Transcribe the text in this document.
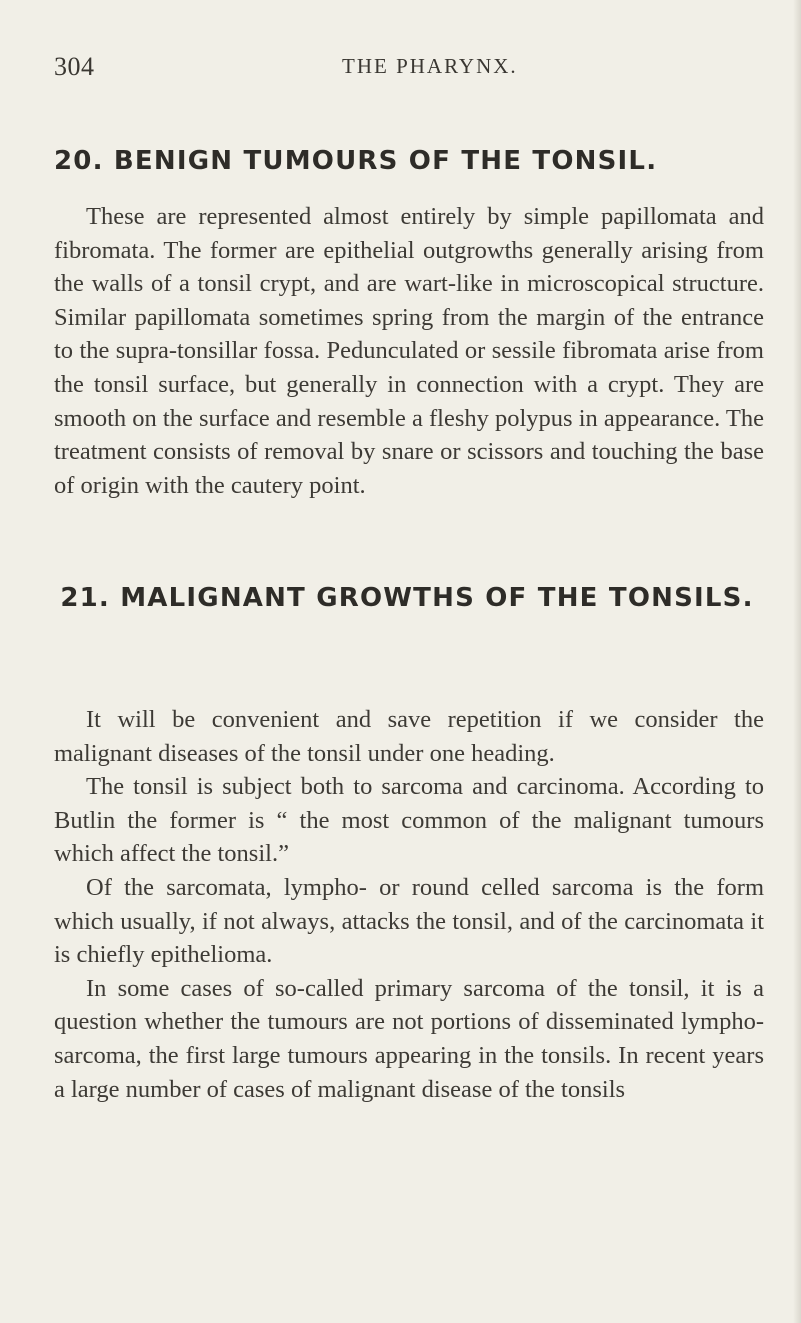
304	THE PHARYNX.
20. BENIGN TUMOURS OF THE TONSIL.

These are represented almost entirely by simple papillomata and fibromata. The former are epithelial outgrowths generally arising from the walls of a tonsil crypt, and are wart-like in microscopical structure. Similar papillomata sometimes spring from the margin of the entrance to the supra-tonsillar fossa. Pedunculated or sessile fibromata arise from the tonsil surface, but generally in connection with a crypt. They are smooth on the surface and resemble a fleshy polypus in appearance. The treatment consists of removal by snare or scissors and touching the base of origin with the cautery point.

21. MALIGNANT GROWTHS OF THE TONSILS.

It will be convenient and save repetition if we consider the malignant diseases of the tonsil under one heading.

The tonsil is subject both to sarcoma and carcinoma. According to Butlin the former is “ the most common of the malignant tumours which affect the tonsil.”

Of the sarcomata, lympho- or round celled sarcoma is the form which usually, if not always, attacks the tonsil, and of the carcinomata it is chiefly epithelioma.

In some cases of so-called primary sarcoma of the tonsil, it is a question whether the tumours are not portions of disseminated lympho-sarcoma, the first large tumours appearing in the tonsils. In recent years a large number of cases of malignant disease of the tonsils
